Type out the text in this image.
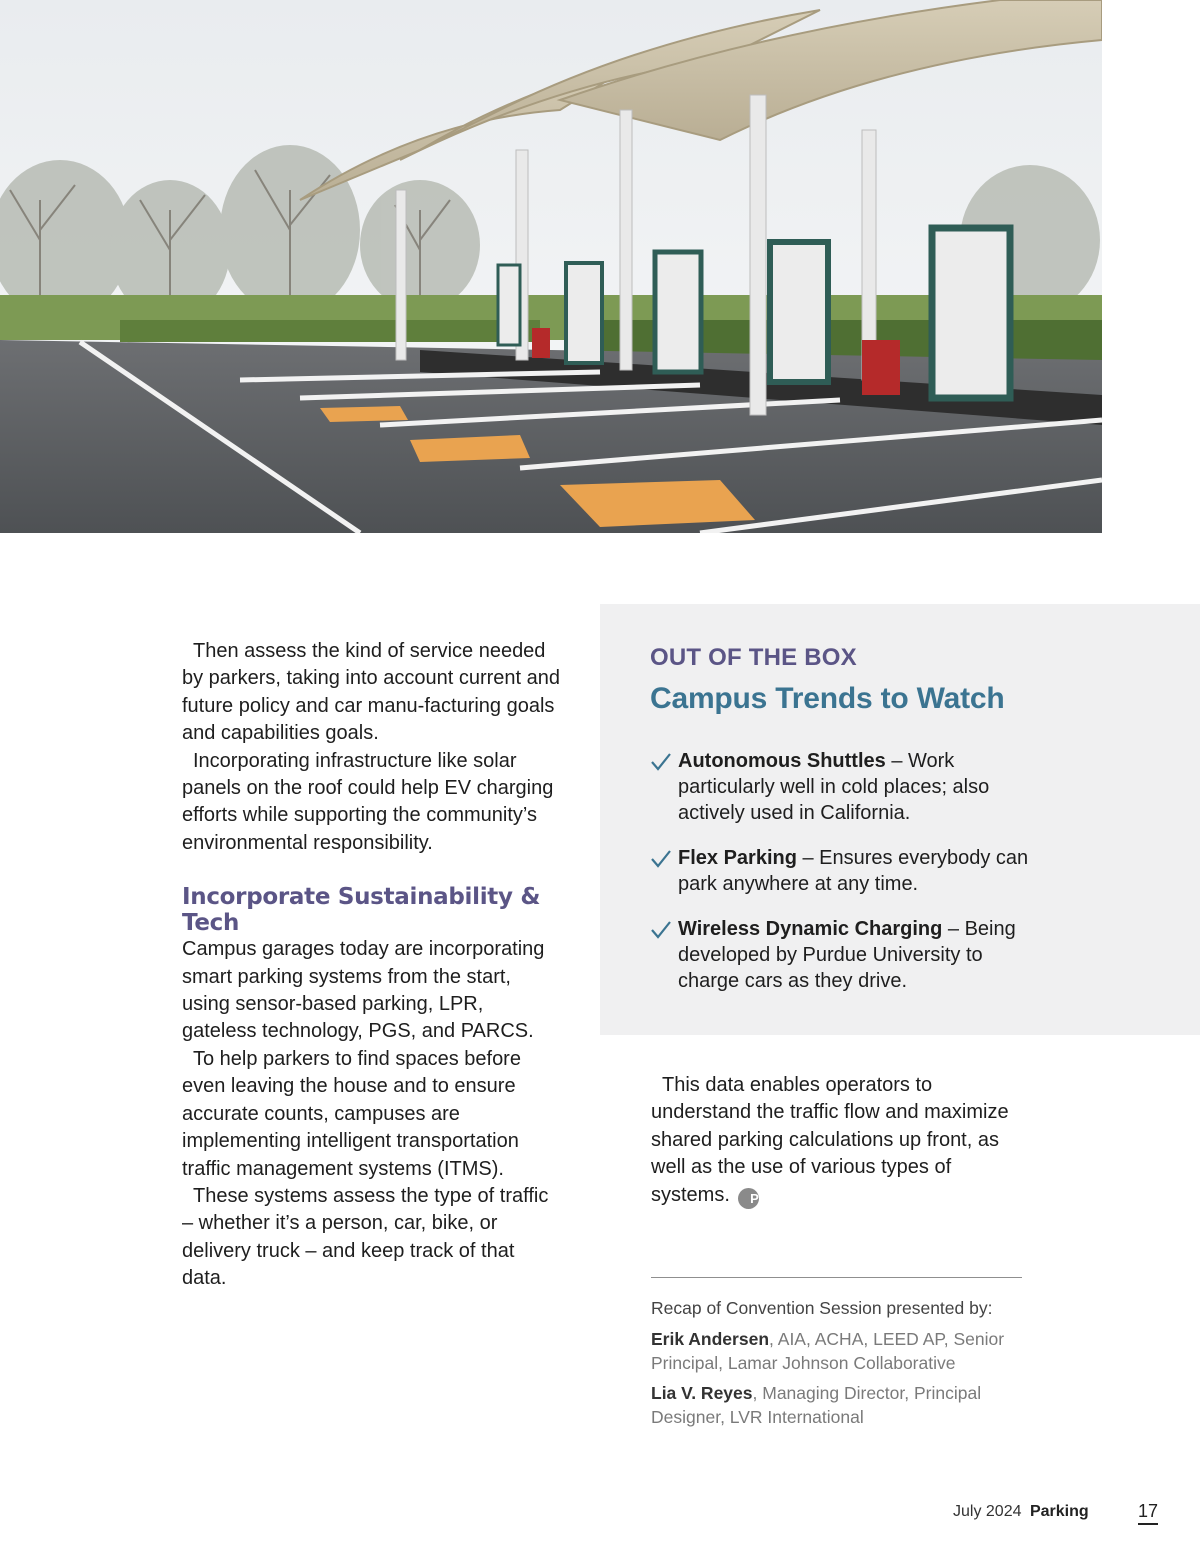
Then assess the kind of service needed by parkers, taking into account current and future policy and car manu-facturing goals and capabilities goals.

Incorporating infrastructure like solar panels on the roof could help EV charging efforts while supporting the community’s environmental responsibility.

Incorporate Sustainability & Tech

Campus garages today are incorporating smart parking systems from the start, using sensor-based parking, LPR, gateless technology, PGS, and PARCS.

To help parkers to find spaces before even leaving the house and to ensure accurate counts, campuses are implementing intelligent transportation traffic management systems (ITMS).

These systems assess the type of traffic – whether it’s a person, car, bike, or delivery truck – and keep track of that data.

OUT OF THE BOX
Campus Trends to Watch
Autonomous Shuttles – Work particularly well in cold places; also actively used in California.
Flex Parking – Ensures everybody can park anywhere at any time.
Wireless Dynamic Charging – Being developed by Purdue University to charge cars as they drive.

This data enables operators to understand the traffic flow and maximize shared parking calculations up front, as well as the use of various types of systems. P

Recap of Convention Session presented by:
Erik Andersen, AIA, ACHA, LEED AP, Senior Principal, Lamar Johnson Collaborative
Lia V. Reyes, Managing Director, Principal Designer, LVR International
July 2024 Parking	17
